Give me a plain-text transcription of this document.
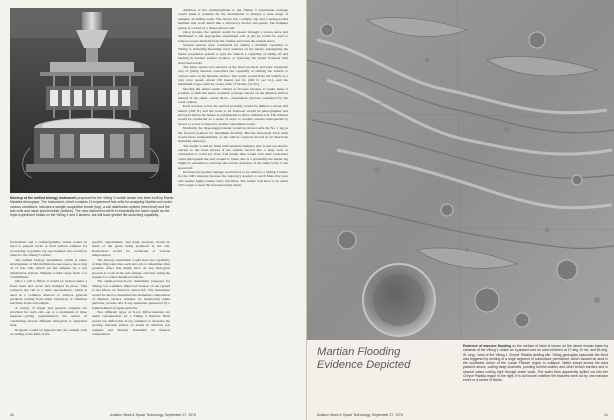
Mockup of the unified biology instrument proposed for the Viking 3 mobile lander has been built by Martin Marietta Aerospace. The instrument, which contains 11 experiment test cells for analyzing Martian soil under various conditions, includes a sample acquisition funnel (top), a soil distribution system (next level) and the test cells and mass spectrometer (bottom). The new instrument will fit in essentially the same space as the triple experiment biolab on the Viking 1 and 2 landers, but will have greater life-searching capability.

fractometer and a crusher/grinder, which would be used to prepare rocks or hard surface samples for processing. A gamma ray spectrometer also would be added to the Viking 3 orbiter.

The unified biology instrument, which is under development at Martin Marietta Aerospace, has a ring of 11 test cells which are fed samples by a soil distribution system. Samples would range from 1 to 10 milliliters.

Once a cell is filled, it would be treated under a fixed head and cover and clamped in place. This connects the cell to a mass spectrometer, which is used as a common detector to analyze gaseous products coming from either biological or chemical reactions in the soil sample.

A variety of liquid and gaseous reagents are provided for each cell—up to a maximum of three separate—giving experimenters the option of conducting several different biological or analytical tests.

Reagents would be injected into the sample cells according to the aims of the

specific experiments, and daily analyses would be made of the gases being produced in the cell. Incubations would be conducted at various temperatures.

The biology instrument would have the capability of injecting water into each test cell, to determine what possible effect this might have on any biological process at work in the soil sample, and later using the sample for a final chemical analysis.

The alpha-proton-X-ray instrument proposed for Viking 3 is a smaller, improved version of one carried to the Moon on Surveyor spacecraft. The instrument would be used to determine the elemental composition of Martian surface samples by monitoring alpha particles, protons and X-ray emissions generated by a bombardment of alpha particles.

Two different types of X-ray diffractometers are under consideration for a Viking 3 mission. Both would use diffraction X-ray radiation to measure the spacing between planes of atoms in Martian soil samples and thereby determine its mineral composition.

Addition of the crusher/grinder to the Viking 3 experiment package would make it possible for the instruments to analyze a wide range of samples, including rocks. The device has a sample cup and a spring-loaded hammer that work much like a laboratory mortar and pestle. The hammer spring is cocked by a motor-driven cam.

Once ground, the sample would be passed through a screen sieve and distributed to the appropriate experiment cell. A gas jet would be used to remove excess material from the crusher and clean the sample sieve.

Several options were considered for adding a mobility capability to Viking 3, including mounting rover vehicles on the lander, redesigning the lander propulsion system to give the vehicle a capability of taking off and landing in another surface location, or replacing the lander footpads with motorized tracks.

The latter option was selected as the most practical and least expensive way of giving mission controllers the capability of shifting the vehicle to various sites on the Martian surface. The tracks would drive the vehicle at a very slow speed—about 150 meters per hr. (492 ft. per hr.)—and the maximum range could be on the order of 50 km. (31 mi.).

Moving the entire lander vehicle is favored because it would make it possible to shift the entire scientific package aboard on the Martian surface instead of the small—about 46-lb.—experiment payload considered for the rover vehicle.

Each traverse across the surface probably would be limited to about 100 meters (328 ft.) and the track to be followed would be photographed and surveyed before the lander is commanded to move. Martian soil. The mission would be conducted as a series of stops to conduct science interspersed by moves to a new location for another experiment series.

Normally, the three-legged lander would be moved with the No. 1 leg in the forward position for maximum mobility. But the motorized track units would move independently, so the vehicle could be moved in all directions including sideways.

The lander would be fitted with sensitive bumpers that would cut electric current to the track motors if the vehicle moved into a large rock or obstruction it could not clear. The lander then would wait until controllers could photograph the area around it. There also is a possibility the lander leg might be extended to increase the terrain clearance of the main body of the spacecraft.

Increased propellant tankage would have to be added to a Viking 3 lander for the 1981 mission because the trajectory needed to reach Mars that year will require higher lander entry velocities. The lander will have to be about 10% larger to meet the increased entry-shear

40	Aviation Week & Space Technology, September 27, 1976
Martian Flooding
Evidence Depicted
Evidence of massive flooding on the surface of Mars is shown on the above mosaic taken by cameras of the Viking 1 orbiter as it passed over an area centered at 17 deg. N. lat. and 55 deg. W. long., west of the Viking 1 Chryse Planitia landing site. Viking geologists speculate the flood was triggered by melting of a large segment of subsurface permafrost, which caused an area in the southeast corner of the Lunae Planum region to collapse. Water swept across the area pictured above, cutting deep channels, pushing behind craters and other terrain barriers and in several cases cutting right through crater walls. The water then apparently spilled out into the Chryse Planitia region to the right. It is not known whether the features were cut by one massive event or a series of floods.
Aviation Week & Space Technology, September 27, 1976	41
